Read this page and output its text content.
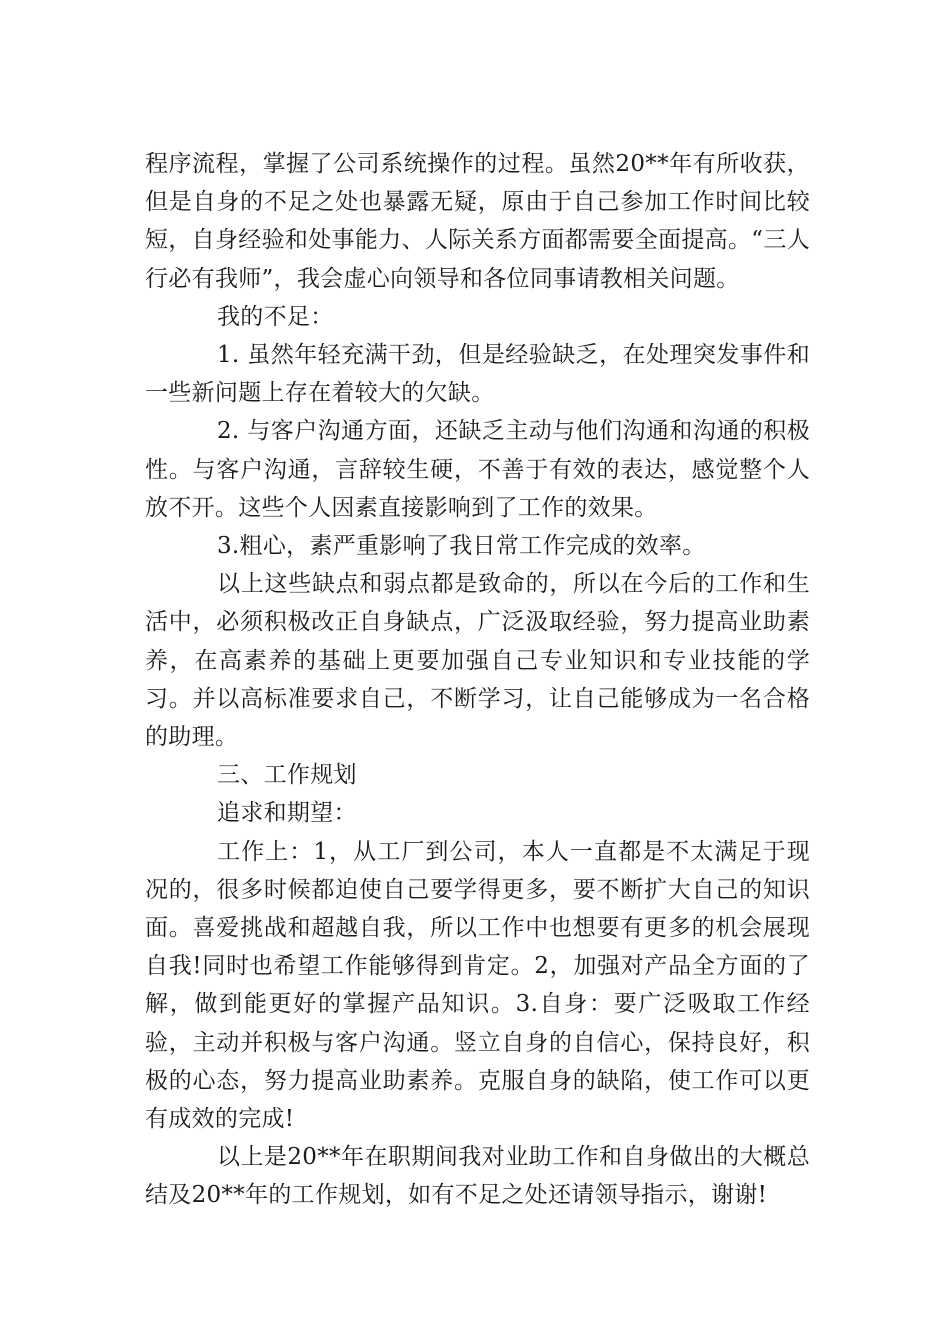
程序流程，掌握了公司系统操作的过程。虽然20**年有所收获，但是自身的不足之处也暴露无疑，原由于自己参加工作时间比较短，自身经验和处事能力、人际关系方面都需要全面提高。“三人行必有我师”，我会虚心向领导和各位同事请教相关问题。

我的不足：

1. 虽然年轻充满干劲，但是经验缺乏，在处理突发事件和一些新问题上存在着较大的欠缺。

2. 与客户沟通方面，还缺乏主动与他们沟通和沟通的积极性。与客户沟通，言辞较生硬，不善于有效的表达，感觉整个人放不开。这些个人因素直接影响到了工作的效果。

3.粗心，素严重影响了我日常工作完成的效率。

以上这些缺点和弱点都是致命的，所以在今后的工作和生活中，必须积极改正自身缺点，广泛汲取经验，努力提高业助素养，在高素养的基础上更要加强自己专业知识和专业技能的学习。并以高标准要求自己，不断学习，让自己能够成为一名合格的助理。

三、工作规划

追求和期望：

工作上：1，从工厂到公司，本人一直都是不太满足于现况的，很多时候都迫使自己要学得更多，要不断扩大自己的知识面。喜爱挑战和超越自我，所以工作中也想要有更多的机会展现自我!同时也希望工作能够得到肯定。2，加强对产品全方面的了解，做到能更好的掌握产品知识。3.自身：要广泛吸取工作经验，主动并积极与客户沟通。竖立自身的自信心，保持良好，积极的心态，努力提高业助素养。克服自身的缺陷，使工作可以更有成效的完成!

以上是20**年在职期间我对业助工作和自身做出的大概总结及20**年的工作规划，如有不足之处还请领导指示，谢谢!
